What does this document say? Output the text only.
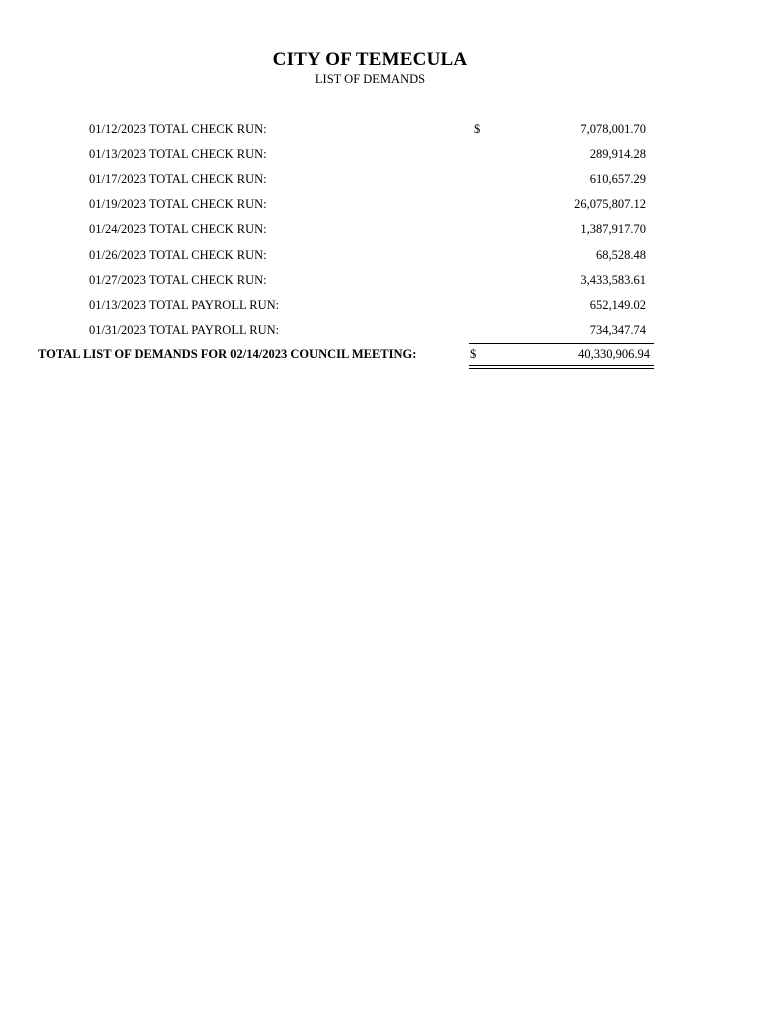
CITY OF TEMECULA
LIST OF DEMANDS
01/12/2023 TOTAL CHECK RUN:	$	7,078,001.70
01/13/2023 TOTAL CHECK RUN:	289,914.28
01/17/2023 TOTAL CHECK RUN:	610,657.29
01/19/2023 TOTAL CHECK RUN:	26,075,807.12
01/24/2023 TOTAL CHECK RUN:	1,387,917.70
01/26/2023 TOTAL CHECK RUN:	68,528.48
01/27/2023 TOTAL CHECK RUN:	3,433,583.61
01/13/2023 TOTAL PAYROLL RUN:	652,149.02
01/31/2023 TOTAL PAYROLL RUN:	734,347.74
TOTAL LIST OF DEMANDS FOR 02/14/2023 COUNCIL MEETING:	$	40,330,906.94
